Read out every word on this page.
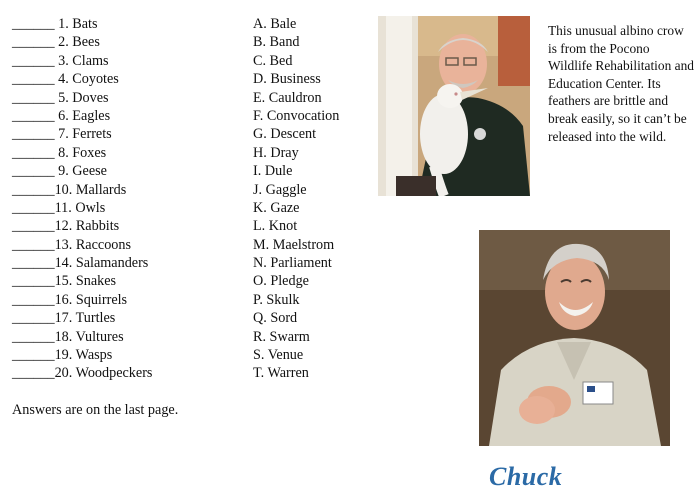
______ 1. Bats
______ 2. Bees
______ 3. Clams
______ 4. Coyotes
______ 5. Doves
______ 6. Eagles
______ 7. Ferrets
______ 8. Foxes
______ 9. Geese
______10. Mallards
______11. Owls
______12. Rabbits
______13. Raccoons
______14. Salamanders
______15. Snakes
______16. Squirrels
______17. Turtles
______18. Vultures
______19. Wasps
______20. Woodpeckers
A. Bale
B. Band
C. Bed
D. Business
E. Cauldron
F. Convocation
G. Descent
H. Dray
I. Dule
J. Gaggle
K. Gaze
L. Knot
M. Maelstrom
N. Parliament
O. Pledge
P. Skulk
Q. Sord
R. Swarm
S. Venue
T. Warren
This unusual albino crow is from the Pocono Wildlife Rehabilitation and Education Center. Its feathers are brittle and break easily, so it can’t be released into the wild.
Answers are on the last page.
Chuck
